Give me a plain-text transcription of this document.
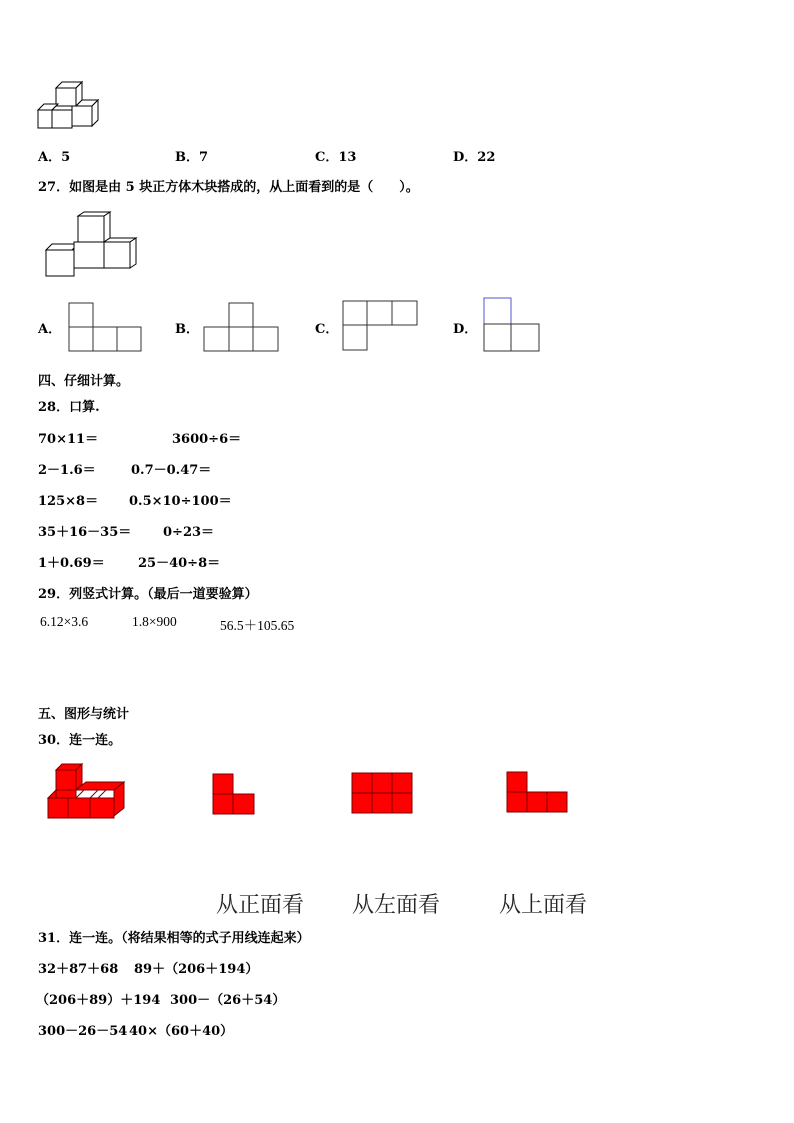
A．5	B．7	C．13	D．22
27．如图是由 5 块正方体木块搭成的，从上面看到的是（　　）。
A．	B．	C．	D．
四、仔细计算。
28．口算.
70×11＝	3600÷6＝
2－1.6＝	0.7－0.47＝
125×8＝ 0.5×10÷100＝
35＋16－35＝ 0÷23＝
1＋0.69＝	25－40÷8＝
29．列竖式计算。（最后一道要验算）
6.12×3.6	1.8×900	56.5＋105.65
五、图形与统计
30．连一连。
从正面看 从左面看	从上面看
31．连一连。（将结果相等的式子用线连起来）
32＋87＋68 89＋（206＋194）
（206＋89）＋194 300－（26＋54）
300－26－54 40×（60＋40）
